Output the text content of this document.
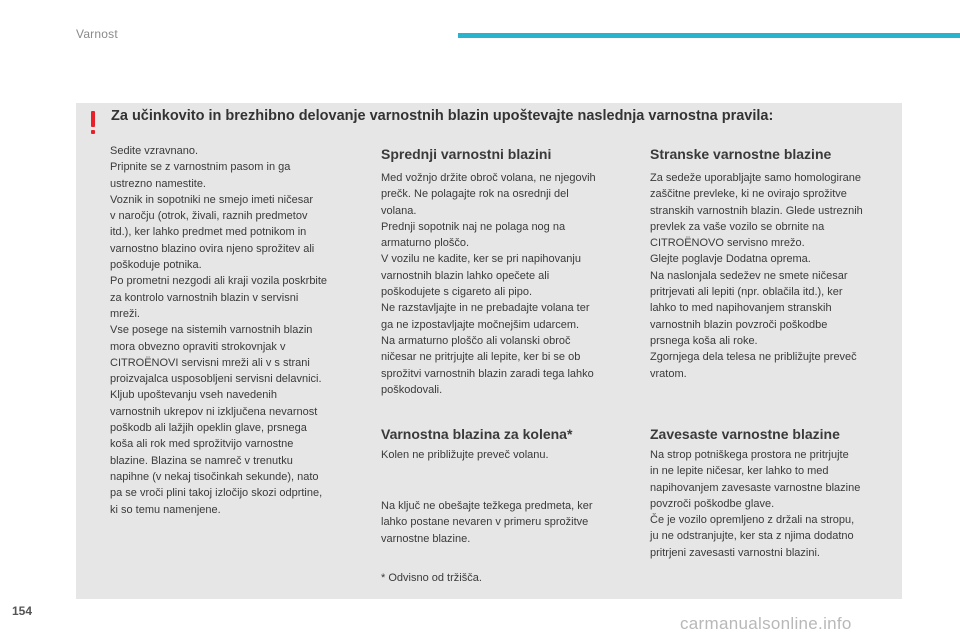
Varnost
Za učinkovito in brezhibno delovanje varnostnih blazin upoštevajte naslednja varnostna pravila:

Sedite vzravnano.
Pripnite se z varnostnim pasom in ga
ustrezno namestite.
Voznik in sopotniki ne smejo imeti ničesar
v naročju (otrok, živali, raznih predmetov
itd.), ker lahko predmet med potnikom in
varnostno blazino ovira njeno sprožitev ali
poškoduje potnika.
Po prometni nezgodi ali kraji vozila poskrbite
za kontrolo varnostnih blazin v servisni
mreži.
Vse posege na sistemih varnostnih blazin
mora obvezno opraviti strokovnjak v
CITROËNOVI servisni mreži ali v s strani
proizvajalca usposobljeni servisni delavnici.
Kljub upoštevanju vseh navedenih
varnostnih ukrepov ni izključena nevarnost
poškodb ali lažjih opeklin glave, prsnega
koša ali rok med sprožitvijo varnostne
blazine. Blazina se namreč v trenutku
napihne (v nekaj tisočinkah sekunde), nato
pa se vroči plini takoj izločijo skozi odprtine,
ki so temu namenjene.

Sprednji varnostni blazini

Med vožnjo držite obroč volana, ne njegovih
prečk. Ne polagajte rok na osrednji del
volana.
Prednji sopotnik naj ne polaga nog na
armaturno ploščo.
V vozilu ne kadite, ker se pri napihovanju
varnostnih blazin lahko opečete ali
poškodujete s cigareto ali pipo.
Ne razstavljajte in ne prebadajte volana ter
ga ne izpostavljajte močnejšim udarcem.
Na armaturno ploščo ali volanski obroč
ničesar ne pritrjujte ali lepite, ker bi se ob
sprožitvi varnostnih blazin zaradi tega lahko
poškodovali.

Varnostna blazina za kolena*
Kolen ne približujte preveč volanu.
Na ključ ne obešajte težkega predmeta, ker
lahko postane nevaren v primeru sprožitve
varnostne blazine.
* Odvisno od tržišča.
Stranske varnostne blazine

Za sedeže uporabljajte samo homologirane
zaščitne prevleke, ki ne ovirajo sprožitve
stranskih varnostnih blazin. Glede ustreznih
prevlek za vaše vozilo se obrnite na
CITROËNOVO servisno mrežo.
Glejte poglavje Dodatna oprema.
Na naslonjala sedežev ne smete ničesar
pritrjevati ali lepiti (npr. oblačila itd.), ker
lahko to med napihovanjem stranskih
varnostnih blazin povzroči poškodbe
prsnega koša ali roke.
Zgornjega dela telesa ne približujte preveč
vratom.

Zavesaste varnostne blazine
Na strop potniškega prostora ne pritrjujte
in ne lepite ničesar, ker lahko to med
napihovanjem zavesaste varnostne blazine
povzroči poškodbe glave.
Če je vozilo opremljeno z držali na stropu,
ju ne odstranjujte, ker sta z njima dodatno
pritrjeni zavesasti varnostni blazini.
154
carmanualsonline.info
